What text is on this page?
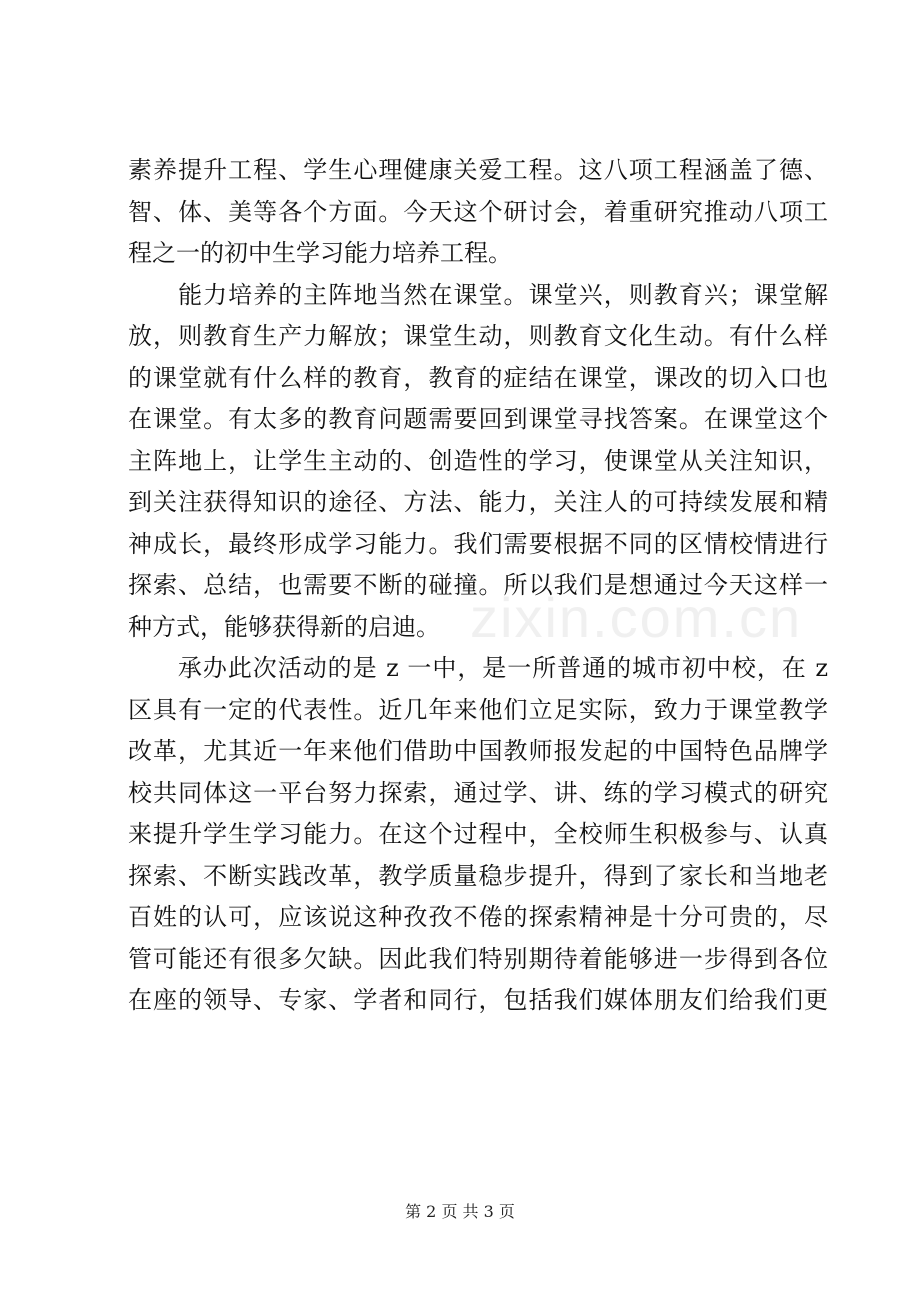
zixin.com.cn
素养提升工程、学生心理健康关爱工程。这八项工程涵盖了德、
智、体、美等各个方面。今天这个研讨会，着重研究推动八项工
程之一的初中生学习能力培养工程。
　　能力培养的主阵地当然在课堂。课堂兴，则教育兴；课堂解
放，则教育生产力解放；课堂生动，则教育文化生动。有什么样
的课堂就有什么样的教育，教育的症结在课堂，课改的切入口也
在课堂。有太多的教育问题需要回到课堂寻找答案。在课堂这个
主阵地上，让学生主动的、创造性的学习，使课堂从关注知识，
到关注获得知识的途径、方法、能力，关注人的可持续发展和精
神成长，最终形成学习能力。我们需要根据不同的区情校情进行
探索、总结，也需要不断的碰撞。所以我们是想通过今天这样一
种方式，能够获得新的启迪。
　　承办此次活动的是 z 一中，是一所普通的城市初中校，在 z
区具有一定的代表性。近几年来他们立足实际，致力于课堂教学
改革，尤其近一年来他们借助中国教师报发起的中国特色品牌学
校共同体这一平台努力探索，通过学、讲、练的学习模式的研究
来提升学生学习能力。在这个过程中，全校师生积极参与、认真
探索、不断实践改革，教学质量稳步提升，得到了家长和当地老
百姓的认可，应该说这种孜孜不倦的探索精神是十分可贵的，尽
管可能还有很多欠缺。因此我们特别期待着能够进一步得到各位
在座的领导、专家、学者和同行，包括我们媒体朋友们给我们更
第 2 页 共 3 页
